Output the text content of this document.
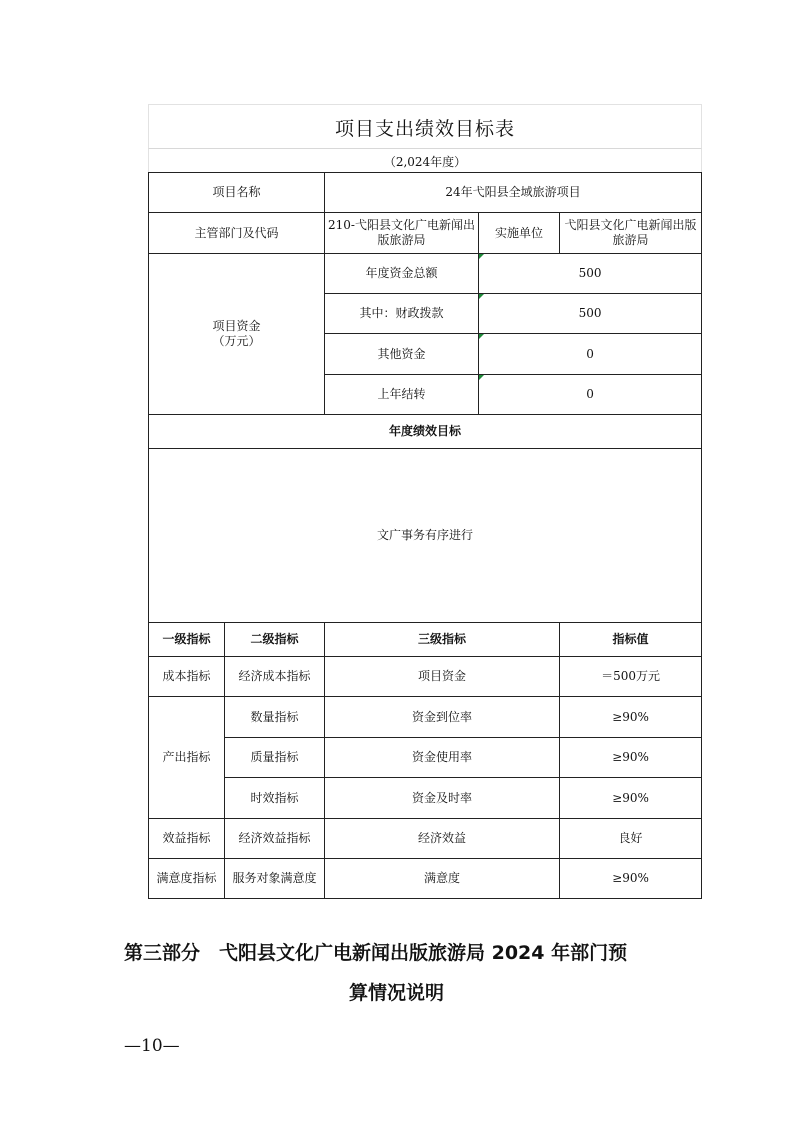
项目支出绩效目标表
（2,024年度）
项目名称		24年弋阳县全域旅游项目		
主管部门及代码		210-弋阳县文化广电新闻出版旅游局	实施单位	弋阳县文化广电新闻出版旅游局

项目资金
（万元）		年度资金总额	500	
		其中：财政拨款	500	
		其他资金	0	
		上年结转	0	
年度绩效目标				
文广事务有序进行				
一级指标	二级指标	三级指标		指标值
成本指标	经济成本指标	项目资金		＝500万元
产出指标	数量指标	资金到位率		≥90%
	质量指标	资金使用率		≥90%
	时效指标	资金及时率		≥90%
效益指标	经济效益指标	经济效益		良好
满意度指标	服务对象满意度	满意度		≥90%
第三部分　弋阳县文化广电新闻出版旅游局 2024 年部门预
算情况说明
—10—
